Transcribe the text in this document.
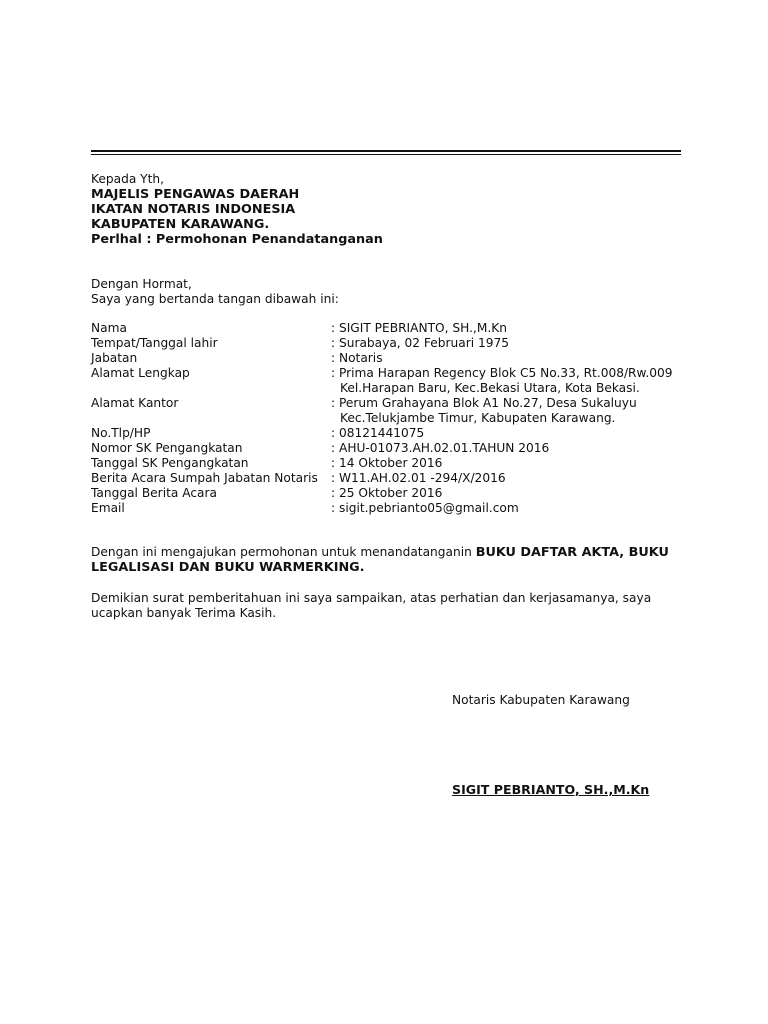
Kepada Yth,
MAJELIS PENGAWAS DAERAH
IKATAN NOTARIS INDONESIA
KABUPATEN KARAWANG.
Perlhal : Permohonan Penandatanganan
Dengan Hormat,
Saya yang bertanda tangan dibawah ini:
Nama	: SIGIT PEBRIANTO, SH.,M.Kn
Tempat/Tanggal lahir	: Surabaya, 02 Februari 1975
Jabatan	: Notaris
Alamat Lengkap	: Prima Harapan Regency Blok C5 No.33, Rt.008/Rw.009
Kel.Harapan Baru, Kec.Bekasi Utara, Kota Bekasi.
Alamat Kantor	: Perum Grahayana Blok A1 No.27, Desa Sukaluyu
Kec.Telukjambe Timur, Kabupaten Karawang.
No.Tlp/HP	: 08121441075
Nomor SK Pengangkatan	: AHU-01073.AH.02.01.TAHUN 2016
Tanggal SK Pengangkatan	: 14 Oktober 2016
Berita Acara Sumpah Jabatan Notaris : W11.AH.02.01 -294/X/2016
Tanggal Berita Acara	: 25 Oktober 2016
Email	: sigit.pebrianto05@gmail.com
Dengan ini mengajukan permohonan untuk menandatanganin BUKU DAFTAR AKTA, BUKU
LEGALISASI DAN BUKU WARMERKING.
Demikian surat pemberitahuan ini saya sampaikan, atas perhatian dan kerjasamanya, saya
ucapkan banyak Terima Kasih.
Notaris Kabupaten Karawang
SIGIT PEBRIANTO, SH.,M.Kn
